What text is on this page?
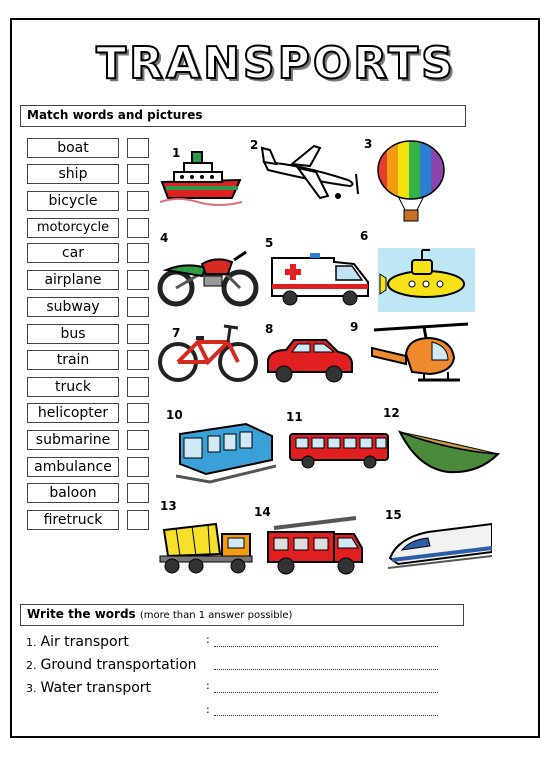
TRANSPORTS
Match words and pictures
boat
ship
bicycle
motorcycle
car
airplane
subway
bus
train
truck
helicopter
submarine
ambulance
baloon
firetruck
1
2	3
4	5	6
7	8	9
10	11	12
13	14	15
Write the words (more than 1 answer possible)
1. Air transport
2. Ground transportation
3. Water transport
:
:
:
